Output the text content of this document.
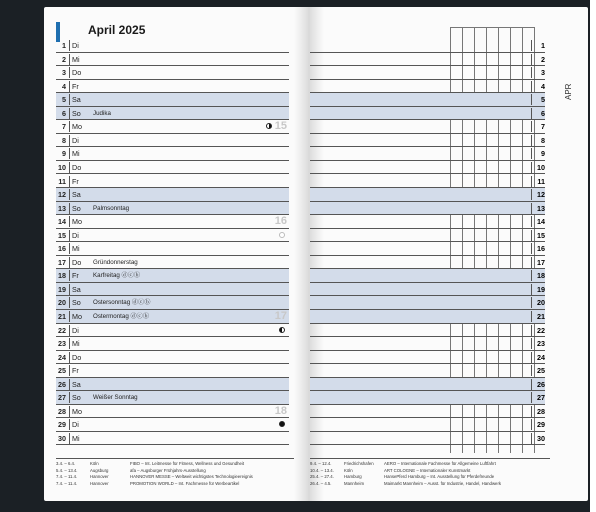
April 2025
1 Di
2 Mi
3 Do
4 Fr
5 Sa
6 So Judika
7 Mo	15
8 Di
9 Mi
10 Do
11 Fr
12 Sa
13 So Palmsonntag
14 Mo	16
15 Di
16 Mi
17 Do Gründonnerstag
18 Fr Karfreitag ⓓⓒⓑ
19 Sa
20 So Ostersonntag ⓓⓒⓑ
21 Mo Ostermontag ⓓⓒⓑ	17
22 Di
23 Mi
24 Do
25 Fr
26 Sa
27 So Weißer Sonntag
28 Mo	18
29 Di
30 Mi
1
2
3
4
5
6
7
8
9
10
11
12
13
14
15
16
17
18
19
20
21
22
23
24
25
26
27
28
29
30
3.4. – 6.4.	Köln	FIBO – Int. Leitmesse für Fitness, Wellness und Gesundheit
5.4. – 13.4.	Augsburg	afa – Augsburger Frühjahrs-Ausstellung
7.4. – 11.4.	Hannover	HANNOVER MESSE – Weltweit wichtigstes Technologieereignis
7.4. – 11.4.	Hannover	PROMOTION WORLD – Int. Fachmesse für Werbeartikel
9.4. – 12.4.	Friedrichshafen AERO – Internationale Fachmesse für Allgemeine Luftfahrt
10.4. – 13.4. Köln	ART COLOGNE – Internationaler Kunstmarkt
25.4. – 27.4. Hamburg	HansePferd Hamburg – Int. Ausstellung für Pferdefreunde
26.4. – 4.5.	Mannheim	Maimarkt Mannheim – Ausst. für Industrie, Handel, Handwerk
APR
